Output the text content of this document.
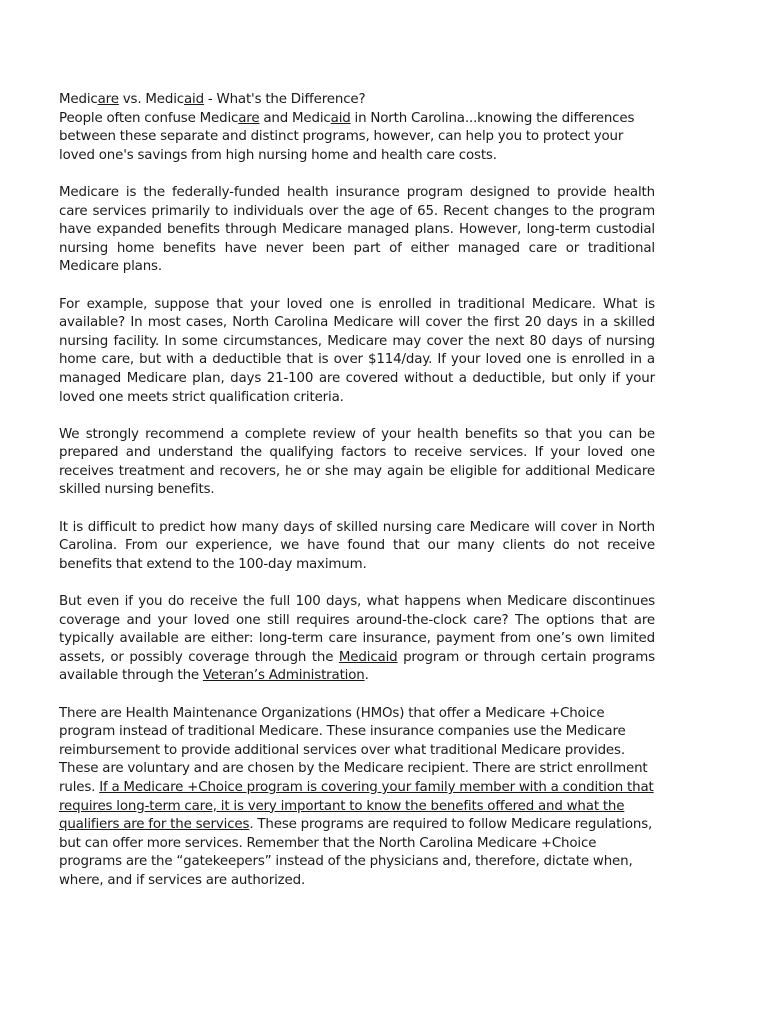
Medicare vs. Medicaid - What's the Difference?
People often confuse Medicare and Medicaid in North Carolina...knowing the differences between these separate and distinct programs, however, can help you to protect your loved one's savings from high nursing home and health care costs.

Medicare is the federally-funded health insurance program designed to provide health care services primarily to individuals over the age of 65. Recent changes to the program have expanded benefits through Medicare managed plans. However, long-term custodial nursing home benefits have never been part of either managed care or traditional Medicare plans.

For example, suppose that your loved one is enrolled in traditional Medicare. What is available? In most cases, North Carolina Medicare will cover the first 20 days in a skilled nursing facility. In some circumstances, Medicare may cover the next 80 days of nursing home care, but with a deductible that is over $114/day. If your loved one is enrolled in a managed Medicare plan, days 21-100 are covered without a deductible, but only if your loved one meets strict qualification criteria.

We strongly recommend a complete review of your health benefits so that you can be prepared and understand the qualifying factors to receive services. If your loved one receives treatment and recovers, he or she may again be eligible for additional Medicare skilled nursing benefits.

It is difficult to predict how many days of skilled nursing care Medicare will cover in North Carolina. From our experience, we have found that our many clients do not receive benefits that extend to the 100-day maximum.

But even if you do receive the full 100 days, what happens when Medicare discontinues coverage and your loved one still requires around-the-clock care? The options that are typically available are either: long-term care insurance, payment from one’s own limited assets, or possibly coverage through the Medicaid program or through certain programs available through the Veteran’s Administration.

There are Health Maintenance Organizations (HMOs) that offer a Medicare +Choice program instead of traditional Medicare. These insurance companies use the Medicare reimbursement to provide additional services over what traditional Medicare provides. These are voluntary and are chosen by the Medicare recipient. There are strict enrollment rules. If a Medicare +Choice program is covering your family member with a condition that requires long-term care, it is very important to know the benefits offered and what the qualifiers are for the services. These programs are required to follow Medicare regulations, but can offer more services. Remember that the North Carolina Medicare +Choice programs are the “gatekeepers” instead of the physicians and, therefore, dictate when, where, and if services are authorized.
